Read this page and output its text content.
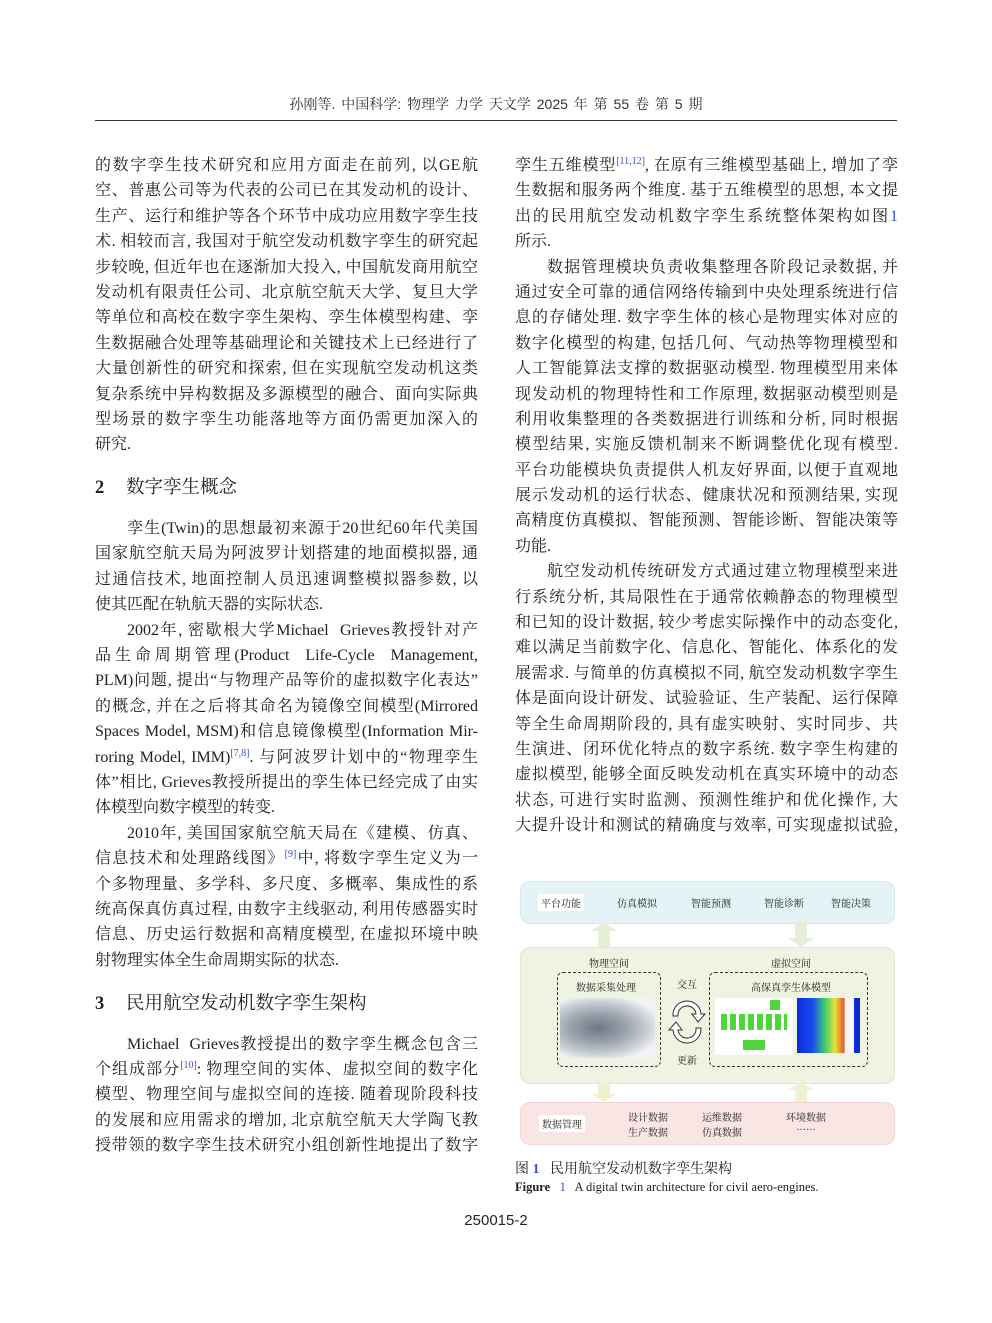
孙刚等. 中国科学: 物理学 力学 天文学 2025 年 第 55 卷 第 5 期
的数字孪生技术研究和应用方面走在前列, 以GE航
空、普惠公司等为代表的公司已在其发动机的设计、
生产、运行和维护等各个环节中成功应用数字孪生技
术. 相较而言, 我国对于航空发动机数字孪生的研究起
步较晚, 但近年也在逐渐加大投入, 中国航发商用航空
发动机有限责任公司、北京航空航天大学、复旦大学
等单位和高校在数字孪生架构、孪生体模型构建、孪
生数据融合处理等基础理论和关键技术上已经进行了
大量创新性的研究和探索, 但在实现航空发动机这类
复杂系统中异构数据及多源模型的融合、面向实际典
型场景的数字孪生功能落地等方面仍需更加深入的
研究.
2 数字孪生概念
孪生(Twin)的思想最初来源于20世纪60年代美国
国家航空航天局为阿波罗计划搭建的地面模拟器, 通
过通信技术, 地面控制人员迅速调整模拟器参数, 以
使其匹配在轨航天器的实际状态.
2002年, 密歇根大学Michael  Grieves教授针对产
品生命周期管理(Product  Life-Cycle  Management,
PLM)问题, 提出“与物理产品等价的虚拟数字化表达”
的概念, 并在之后将其命名为镜像空间模型(Mirrored
Spaces Model, MSM)和信息镜像模型(Information Mir-
roring Model, IMM)[7,8]. 与阿波罗计划中的“物理孪生
体”相比, Grieves教授所提出的孪生体已经完成了由实
体模型向数字模型的转变.
2010年, 美国国家航空航天局在《建模、仿真、
信息技术和处理路线图》[9]中, 将数字孪生定义为一
个多物理量、多学科、多尺度、多概率、集成性的系
统高保真仿真过程, 由数字主线驱动, 利用传感器实时
信息、历史运行数据和高精度模型, 在虚拟环境中映
射物理实体全生命周期实际的状态.
3 民用航空发动机数字孪生架构
Michael  Grieves教授提出的数字孪生概念包含三
个组成部分[10]: 物理空间的实体、虚拟空间的数字化
模型、物理空间与虚拟空间的连接. 随着现阶段科技
的发展和应用需求的增加, 北京航空航天大学陶飞教
授带领的数字孪生技术研究小组创新性地提出了数字
孪生五维模型[11,12], 在原有三维模型基础上, 增加了孪
生数据和服务两个维度. 基于五维模型的思想, 本文提
出的民用航空发动机数字孪生系统整体架构如图1
所示.
数据管理模块负责收集整理各阶段记录数据, 并
通过安全可靠的通信网络传输到中央处理系统进行信
息的存储处理. 数字孪生体的核心是物理实体对应的
数字化模型的构建, 包括几何、气动热等物理模型和
人工智能算法支撑的数据驱动模型. 物理模型用来体
现发动机的物理特性和工作原理, 数据驱动模型则是
利用收集整理的各类数据进行训练和分析, 同时根据
模型结果, 实施反馈机制来不断调整优化现有模型.
平台功能模块负责提供人机友好界面, 以便于直观地
展示发动机的运行状态、健康状况和预测结果, 实现
高精度仿真模拟、智能预测、智能诊断、智能决策等
功能.
航空发动机传统研发方式通过建立物理模型来进
行系统分析, 其局限性在于通常依赖静态的物理模型
和已知的设计数据, 较少考虑实际操作中的动态变化,
难以满足当前数字化、信息化、智能化、体系化的发
展需求. 与简单的仿真模拟不同, 航空发动机数字孪生
体是面向设计研发、试验验证、生产装配、运行保障
等全生命周期阶段的, 具有虚实映射、实时同步、共
生演进、闭环优化特点的数字系统. 数字孪生构建的
虚拟模型, 能够全面反映发动机在真实环境中的动态
状态, 可进行实时监测、预测性维护和优化操作, 大
大提升设计和测试的精确度与效率, 可实现虚拟试验,
平台功能	仿真模拟	智能预测	智能诊断	智能决策
物理空间	虚拟空间
数据采集处理	高保真孪生体模型
交互
更新
数据管理
设计数据
生产数据
运维数据
仿真数据
环境数据
……
图 1 民用航空发动机数字孪生架构
Figure 1 A digital twin architecture for civil aero-engines.
250015-2
